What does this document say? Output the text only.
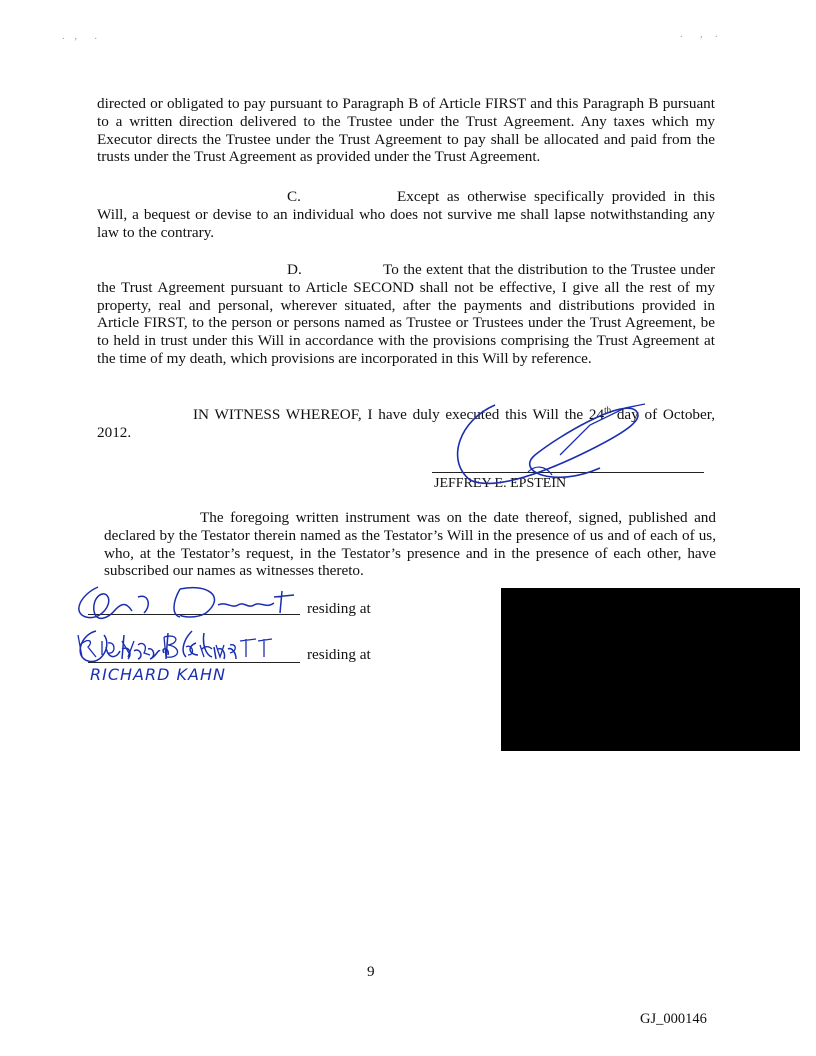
.    ,       .	.       ,     .

directed or obligated to pay pursuant to Paragraph B of Article FIRST and this Paragraph B pursuant to a written direction delivered to the Trustee under the Trust Agreement. Any taxes which my Executor directs the Trustee under the Trust Agreement to pay shall be allocated and paid from the trusts under the Trust Agreement as provided under the Trust Agreement.

C.	Except as otherwise specifically provided in this Will, a bequest or devise to an individual who does not survive me shall lapse notwithstanding any law to the contrary.

D.	To the extent that the distribution to the Trustee under the Trust Agreement pursuant to Article SECOND shall not be effective, I give all the rest of my property, real and personal, wherever situated, after the payments and distributions provided in Article FIRST, to the person or persons named as Trustee or Trustees under the Trust Agreement, be to held in trust under this Will in accordance with the provisions comprising the Trust Agreement at the time of my death, which provisions are incorporated in this Will by reference.

IN WITNESS WHEREOF, I have duly executed this Will the 24th day of October, 2012.

JEFFREY E. EPSTEIN

The foregoing written instrument was on the date thereof, signed, published and declared by the Testator therein named as the Testator’s Will in the presence of us and of each of us, who, at the Testator’s request, in the Testator’s presence and in the presence of each other, have subscribed our names as witnesses thereto.

residing at
residing at
RICHARD KAHN
9
GJ_000146
